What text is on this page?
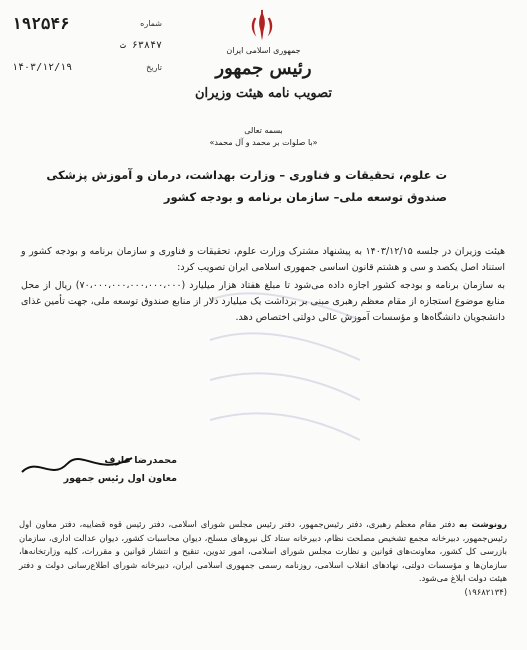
جمهوری اسلامی ایران
رئیس جمهور
تصویب نامه هیئت وزیران
شماره
۱۹۲۵۴۶
۶۳۸۴۷ ت
تاریخ
۱۴۰۳/۱۲/۱۹
بسمه تعالی
«با صلوات بر محمد و آل محمد»
ت علوم، تحقیقات و فناوری – وزارت بهداشت، درمان و آموزش پزشکی
صندوق توسعه ملی– سازمان برنامه و بودجه کشور

هیئت وزیران در جلسه ۱۴۰۳/۱۲/۱۵ به پیشنهاد مشترک وزارت علوم، تحقیقات و فناوری و سازمان برنامه و بودجه کشور و استناد اصل یکصد و سی و هشتم قانون اساسی جمهوری اسلامی ایران تصویب کرد:

به سازمان برنامه و بودجه کشور اجازه داده می‌شود تا مبلغ هفتاد هزار میلیارد (۷۰،۰۰۰،۰۰۰،۰۰۰،۰۰۰،۰۰۰) ریال از محل منابع موضوع استجازه از مقام معظم رهبری مبنی بر برداشت یک میلیارد دلار از منابع صندوق توسعه ملی، جهت تأمین غذای دانشجویان دانشگاه‌ها و مؤسسات آموزش عالی دولتی اختصاص دهد.

محمدرضا عارف
معاون اول رئیس جمهور
رونوشت به دفتر مقام معظم رهبری، دفتر رئیس‌جمهور، دفتر رئیس مجلس شورای اسلامی، دفتر رئیس قوه قضاییه، دفتر معاون اول رئیس‌جمهور، دبیرخانه مجمع تشخیص مصلحت نظام، دبیرخانه ستاد کل نیروهای مسلح، دیوان محاسبات کشور، دیوان عدالت اداری، سازمان بازرسی کل کشور، معاونت‌های قوانین و نظارت مجلس شورای اسلامی، امور تدوین، تنقیح و انتشار قوانین و مقررات، کلیه وزارتخانه‌ها، سازمان‌ها و مؤسسات دولتی، نهادهای انقلاب اسلامی، روزنامه رسمی جمهوری اسلامی ایران، دبیرخانه شورای اطلاع‌رسانی دولت و دفتر هیئت دولت ابلاغ می‌شود.
(۱۹۶۸۲۱۳۴)
